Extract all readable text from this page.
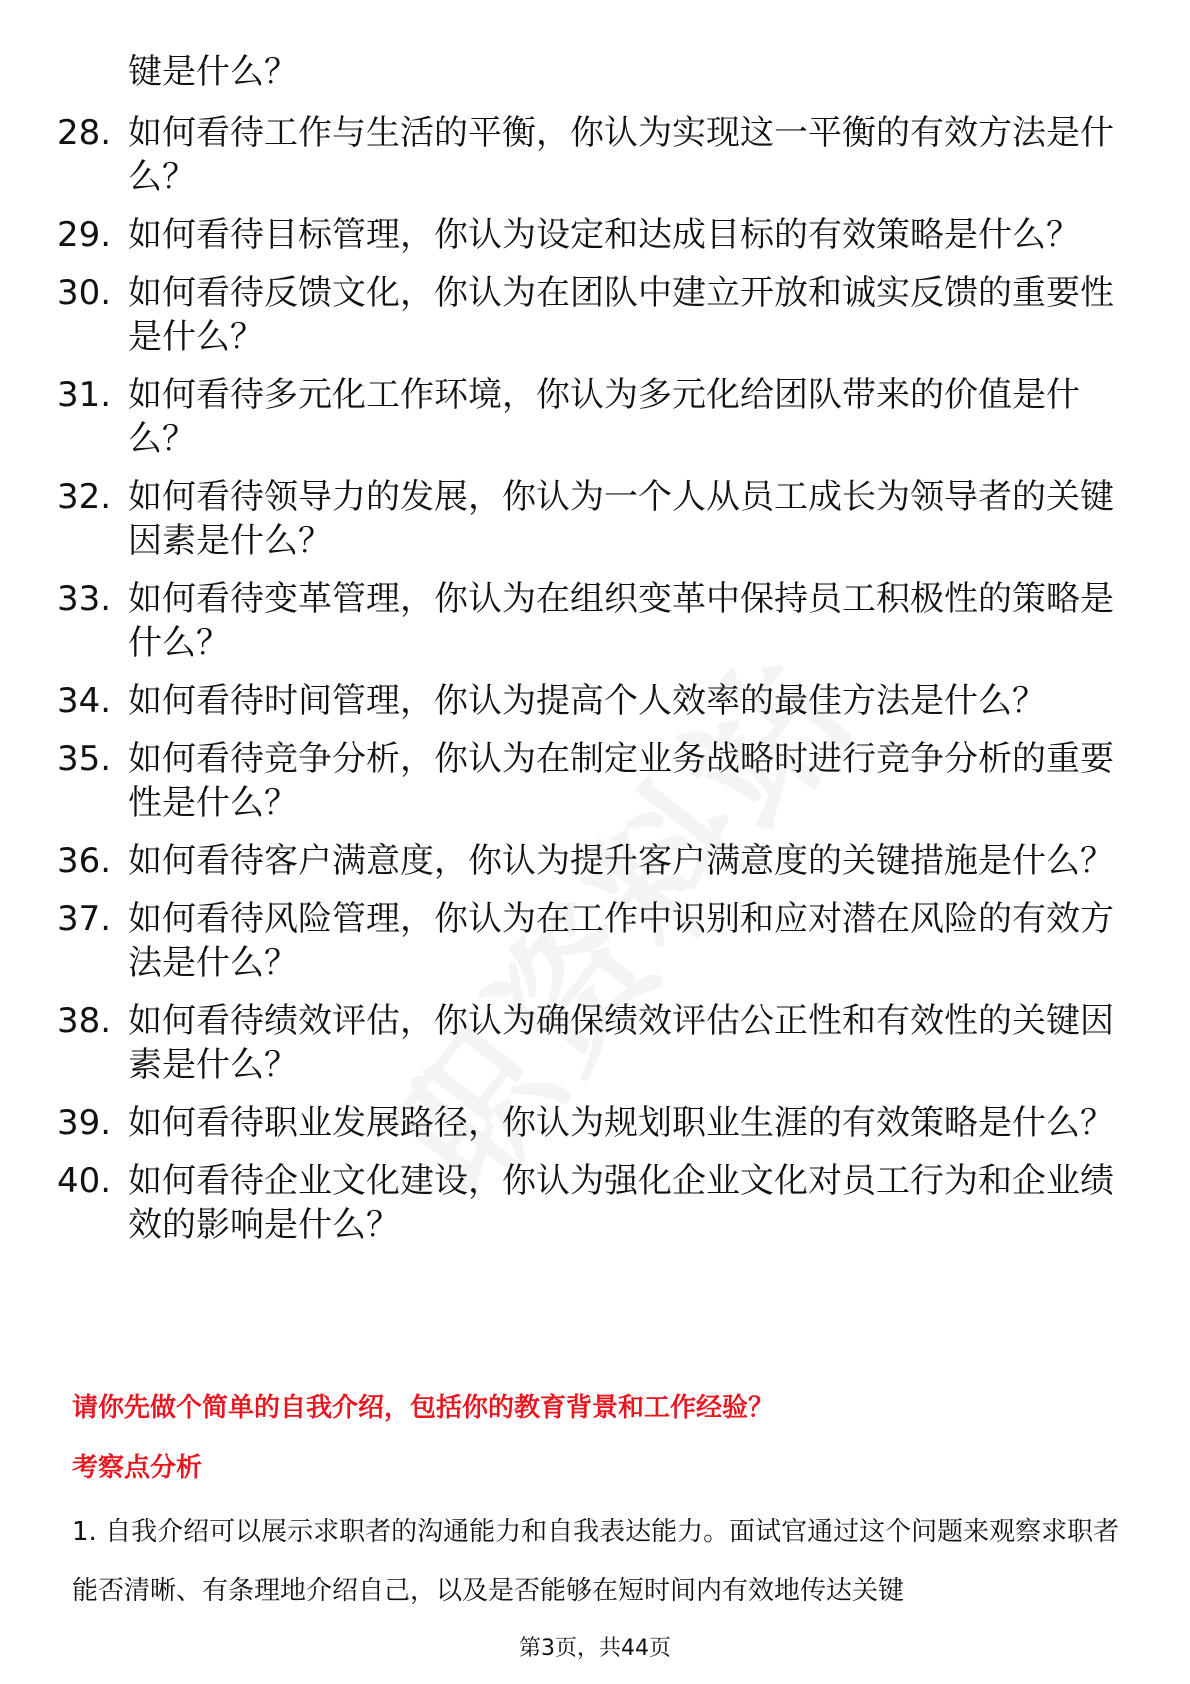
键是什么？
28. 如何看待工作与生活的平衡，你认为实现这一平衡的有效方法是什么？
29. 如何看待目标管理，你认为设定和达成目标的有效策略是什么？
30. 如何看待反馈文化，你认为在团队中建立开放和诚实反馈的重要性是什么？
31. 如何看待多元化工作环境，你认为多元化给团队带来的价值是什么？
32. 如何看待领导力的发展，你认为一个人从员工成长为领导者的关键因素是什么？
33. 如何看待变革管理，你认为在组织变革中保持员工积极性的策略是什么？
34. 如何看待时间管理，你认为提高个人效率的最佳方法是什么？
35. 如何看待竞争分析，你认为在制定业务战略时进行竞争分析的重要性是什么？
36. 如何看待客户满意度，你认为提升客户满意度的关键措施是什么？
37. 如何看待风险管理，你认为在工作中识别和应对潜在风险的有效方法是什么？
38. 如何看待绩效评估，你认为确保绩效评估公正性和有效性的关键因素是什么？
39. 如何看待职业发展路径，你认为规划职业生涯的有效策略是什么？
40. 如何看待企业文化建设，你认为强化企业文化对员工行为和企业绩效的影响是什么？
请你先做个简单的自我介绍，包括你的教育背景和工作经验？
考察点分析
1. 自我介绍可以展示求职者的沟通能力和自我表达能力。面试官通过这个问题来观察求职者能否清晰、有条理地介绍自己，以及是否能够在短时间内有效地传达关键
第3页，共44页
